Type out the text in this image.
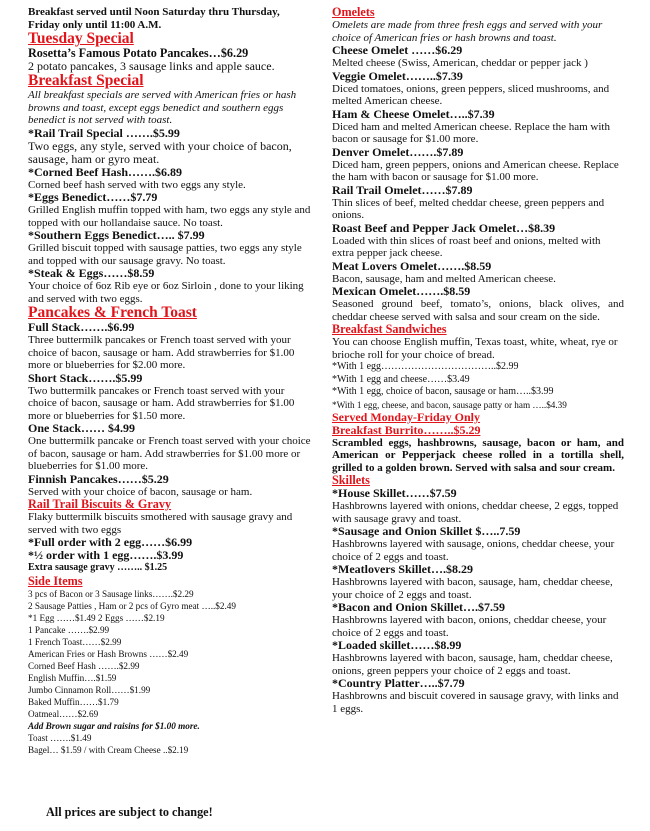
Breakfast served until Noon Saturday thru Thursday, Friday only until 11:00 A.M.

Tuesday Special

Rosetta’s Famous Potato Pancakes…$6.29

2 potato pancakes, 3 sausage links and apple sauce.

Breakfast Special

All breakfast specials are served with American fries or hash browns and toast, except eggs benedict and southern eggs benedict is not served with toast.

*Rail Trail Special …….$5.99

Two eggs, any style, served with your choice of bacon, sausage, ham or gyro meat.

*Corned Beef Hash…….$6.89

Corned beef hash served with two eggs any style.

*Eggs Benedict……$7.79

Grilled English muffin topped with ham, two eggs any style and topped with our hollandaise sauce. No toast.

*Southern Eggs Benedict….. $7.99

Grilled biscuit topped with sausage patties, two eggs any style and topped with our sausage gravy. No toast.

*Steak & Eggs……$8.59

Your choice of 6oz Rib eye or 6oz Sirloin , done to your liking and served with two eggs.

Pancakes & French Toast

Full Stack…….$6.99

Three buttermilk pancakes or French toast served with your choice of bacon, sausage or ham. Add strawberries for $1.00 more or blueberries for $2.00 more.

Short Stack…….$5.99

Two buttermilk pancakes or French toast served with your choice of bacon, sausage or ham. Add strawberries for $1.00 more or blueberries for $1.50 more.

One Stack…… $4.99

One buttermilk pancake or French toast served with your choice of bacon, sausage or ham. Add strawberries for $1.00 more or blueberries for $1.00 more.

Finnish Pancakes……$5.29

Served with your choice of bacon, sausage or ham.

Rail Trail Biscuits & Gravy

Flaky buttermilk biscuits smothered with sausage gravy and served with two eggs

*Full order with 2 egg……$6.99

*½ order with 1 egg…….$3.99

Extra sausage gravy …….. $1.25

Side Items

3 pcs of Bacon or 3 Sausage links…….$2.29

2 Sausage Patties , Ham or 2 pcs of Gyro meat …..$2.49

*1 Egg ……$1.49 2 Eggs ……$2.19

1 Pancake …….$2.99

1 French Toast……$2.99

American Fries or Hash Browns ……$2.49

Corned Beef Hash …….$2.99

English Muffin….$1.59

Jumbo Cinnamon Roll……$1.99

Baked Muffin……$1.79

Oatmeal……$2.69

Add Brown sugar and raisins for $1.00 more.

Toast …….$1.49

Bagel… $1.59 / with Cream Cheese ..$2.19

All prices are subject to change!

Omelets

Omelets are made from three fresh eggs and served with your choice of American fries or hash browns and toast.

Cheese Omelet ……$6.29

Melted cheese (Swiss, American, cheddar or pepper jack )

Veggie Omelet……..$7.39

Diced tomatoes, onions, green peppers, sliced mushrooms, and melted American cheese.

Ham & Cheese Omelet…..$7.39

Diced ham and melted American cheese. Replace the ham with bacon or sausage for $1.00 more.

Denver Omelet…….$7.89

Diced ham, green peppers, onions and American cheese. Replace the ham with bacon or sausage for $1.00 more.

Rail Trail Omelet……$7.89

Thin slices of beef, melted cheddar cheese, green peppers and onions.

Roast Beef and Pepper Jack Omelet…$8.39

Loaded with thin slices of roast beef and onions, melted with extra pepper jack cheese.

Meat Lovers Omelet…….$8.59

Bacon, sausage, ham and melted American cheese.

Mexican Omelet…….$8.59

Seasoned ground beef, tomato’s, onions, black olives, and cheddar cheese served with salsa and sour cream on the side.

Breakfast Sandwiches

You can choose English muffin, Texas toast, white, wheat, rye or brioche roll for your choice of bread.

*With 1 egg……………………………..$2.99

*With 1 egg and cheese……$3.49

*With 1 egg, choice of bacon, sausage or ham…..$3.99

*With 1 egg, cheese, and bacon, sausage patty or ham …..$4.39

Served Monday-Friday Only

Breakfast Burrito……..$5.29

Scrambled eggs, hashbrowns, sausage, bacon or ham, and American or Pepperjack cheese rolled in a tortilla shell, grilled to a golden brown. Served with salsa and sour cream.

Skillets

*House Skillet……$7.59

Hashbrowns layered with onions, cheddar cheese, 2 eggs, topped with sausage gravy and toast.

*Sausage and Onion Skillet $…..7.59

Hashbrowns layered with sausage, onions, cheddar cheese, your choice of 2 eggs and toast.

*Meatlovers Skillet….$8.29

Hashbrowns layered with bacon, sausage, ham, cheddar cheese, your choice of 2 eggs and toast.

*Bacon and Onion Skillet….$7.59

Hashbrowns layered with bacon, onions, cheddar cheese, your choice of 2 eggs and toast.

*Loaded skillet……$8.99

Hashbrowns layered with bacon, sausage, ham, cheddar cheese, onions, green peppers your choice of 2 eggs and toast.

*Country Platter…..$7.79

Hashbrowns and biscuit covered in sausage gravy, with links and 1 eggs.
